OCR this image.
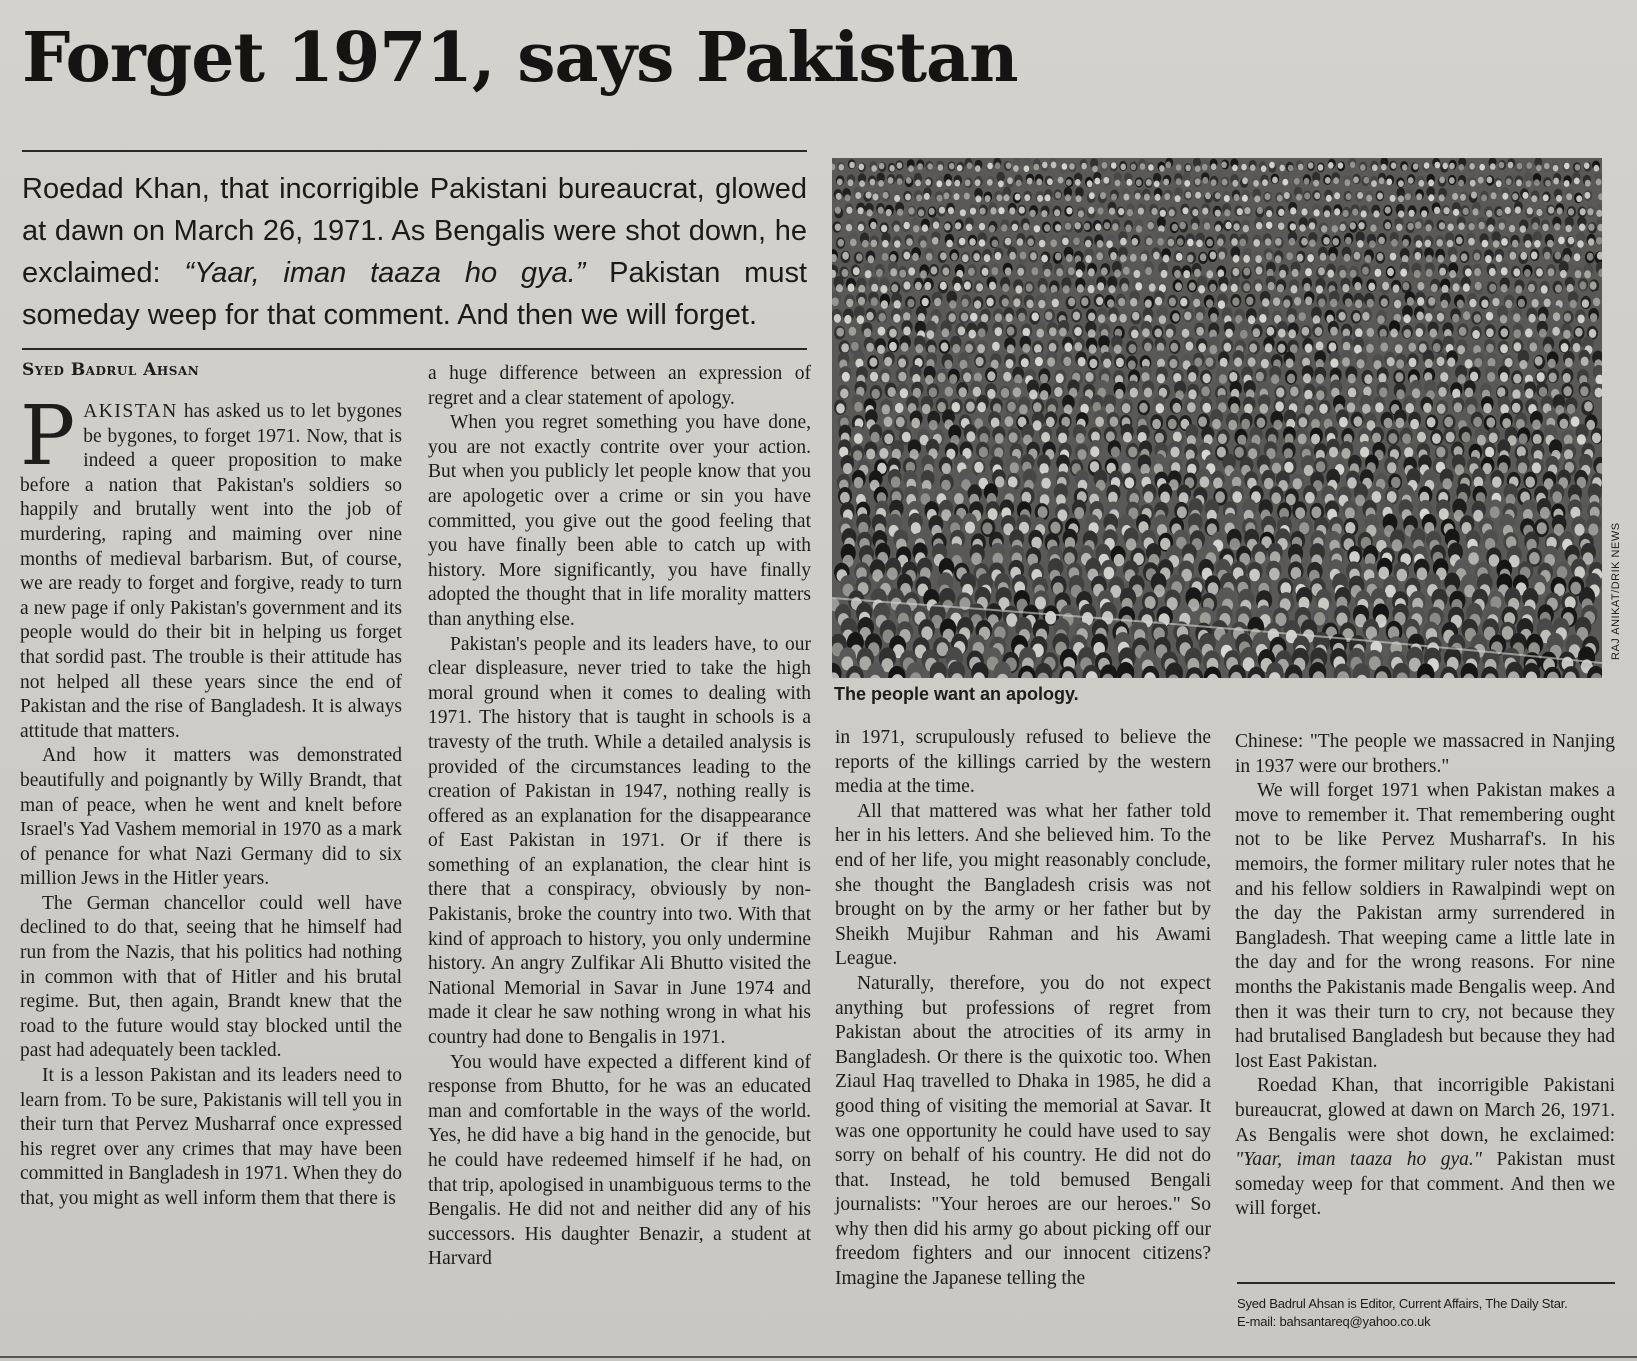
Forget 1971, says Pakistan
Roedad Khan, that incorrigible Pakistani bureaucrat, glowed at dawn on March 26, 1971. As Bengalis were shot down, he exclaimed: “Yaar, iman taaza ho gya.” Pakistan must someday weep for that comment. And then we will forget.
Syed Badrul Ahsan

PAKISTAN has asked us to let bygones be bygones, to forget 1971. Now, that is indeed a queer proposition to make before a nation that Pakistan's soldiers so happily and brutally went into the job of murdering, raping and maiming over nine months of medieval barbarism. But, of course, we are ready to forget and forgive, ready to turn a new page if only Pakistan's government and its people would do their bit in helping us forget that sordid past. The trouble is their attitude has not helped all these years since the end of Pakistan and the rise of Bangladesh. It is always attitude that matters.

And how it matters was demonstrated beautifully and poignantly by Willy Brandt, that man of peace, when he went and knelt before Israel's Yad Vashem memorial in 1970 as a mark of penance for what Nazi Germany did to six million Jews in the Hitler years.

The German chancellor could well have declined to do that, seeing that he himself had run from the Nazis, that his politics had nothing in common with that of Hitler and his brutal regime. But, then again, Brandt knew that the road to the future would stay blocked until the past had adequately been tackled.

It is a lesson Pakistan and its leaders need to learn from. To be sure, Pakistanis will tell you in their turn that Pervez Musharraf once expressed his regret over any crimes that may have been committed in Bangladesh in 1971. When they do that, you might as well inform them that there is

a huge difference between an expression of regret and a clear statement of apology.

When you regret something you have done, you are not exactly contrite over your action. But when you publicly let people know that you are apologetic over a crime or sin you have committed, you give out the good feeling that you have finally been able to catch up with history. More significantly, you have finally adopted the thought that in life morality matters than anything else.

Pakistan's people and its leaders have, to our clear displeasure, never tried to take the high moral ground when it comes to dealing with 1971. The history that is taught in schools is a travesty of the truth. While a detailed analysis is provided of the circumstances leading to the creation of Pakistan in 1947, nothing really is offered as an explanation for the disappearance of East Pakistan in 1971. Or if there is something of an explanation, the clear hint is there that a conspiracy, obviously by non-Pakistanis, broke the country into two. With that kind of approach to history, you only undermine history. An angry Zulfikar Ali Bhutto visited the National Memorial in Savar in June 1974 and made it clear he saw nothing wrong in what his country had done to Bengalis in 1971.

You would have expected a different kind of response from Bhutto, for he was an educated man and comfortable in the ways of the world. Yes, he did have a big hand in the genocide, but he could have redeemed himself if he had, on that trip, apologised in unambiguous terms to the Bengalis. He did not and neither did any of his successors. His daughter Benazir, a student at Harvard

RAJ ANIKAT/DRIK NEWS
The people want an apology.

in 1971, scrupulously refused to believe the reports of the killings carried by the western media at the time.

All that mattered was what her father told her in his letters. And she believed him. To the end of her life, you might reasonably conclude, she thought the Bangladesh crisis was not brought on by the army or her father but by Sheikh Mujibur Rahman and his Awami League.

Naturally, therefore, you do not expect anything but professions of regret from Pakistan about the atrocities of its army in Bangladesh. Or there is the quixotic too. When Ziaul Haq travelled to Dhaka in 1985, he did a good thing of visiting the memorial at Savar. It was one opportunity he could have used to say sorry on behalf of his country. He did not do that. Instead, he told bemused Bengali journalists: "Your heroes are our heroes." So why then did his army go about picking off our freedom fighters and our innocent citizens? Imagine the Japanese telling the

Chinese: "The people we massacred in Nanjing in 1937 were our brothers."

We will forget 1971 when Pakistan makes a move to remember it. That remembering ought not to be like Pervez Musharraf's. In his memoirs, the former military ruler notes that he and his fellow soldiers in Rawalpindi wept on the day the Pakistan army surrendered in Bangladesh. That weeping came a little late in the day and for the wrong reasons. For nine months the Pakistanis made Bengalis weep. And then it was their turn to cry, not because they had brutalised Bangladesh but because they had lost East Pakistan.

Roedad Khan, that incorrigible Pakistani bureaucrat, glowed at dawn on March 26, 1971. As Bengalis were shot down, he exclaimed: "Yaar, iman taaza ho gya." Pakistan must someday weep for that comment. And then we will forget.

Syed Badrul Ahsan is Editor, Current Affairs, The Daily Star.
E-mail: bahsantareq@yahoo.co.uk
